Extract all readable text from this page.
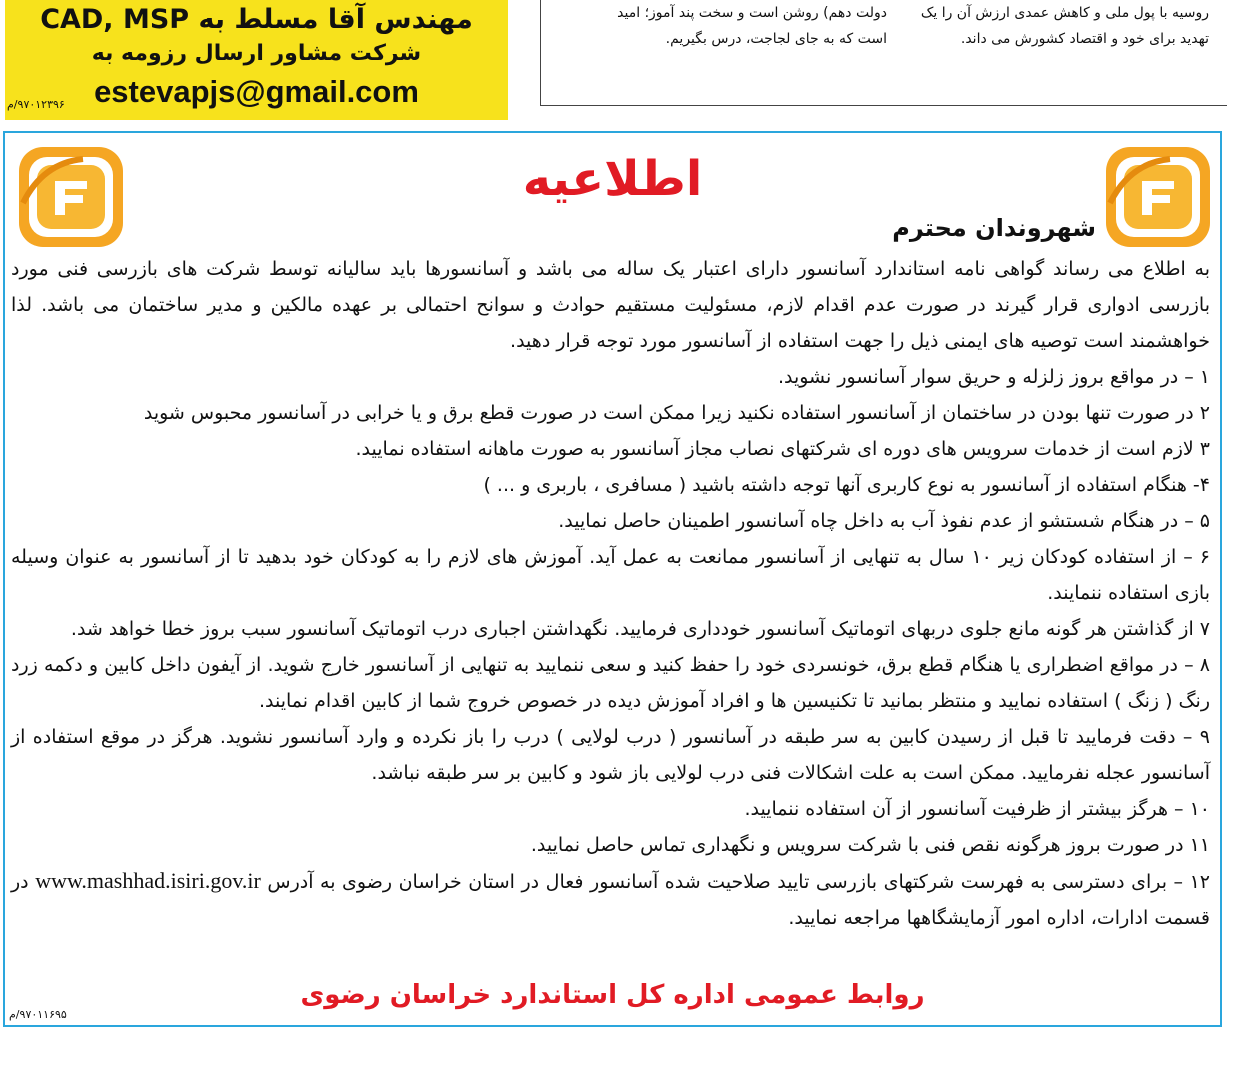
مهندس آقا مسلط به CAD, MSP
شرکت مشاور ارسال رزومه به
estevapjs@gmail.com
۹۷۰۱۲۳۹۶/م
روسیه با پول ملی و کاهش عمدی ارزش آن را یک
تهدید برای خود و اقتصاد کشورش می داند.
دولت دهم) روشن است و سخت پند آموز؛ امید
است که به جای لجاجت، درس بگیریم.
اطلاعیه
شهروندان محترم

به اطلاع می رساند گواهی نامه استاندارد آسانسور دارای اعتبار یک ساله می باشد و آسانسورها باید سالیانه توسط شرکت های بازرسی فنی مورد بازرسی ادواری قرار گیرند در صورت عدم اقدام لازم، مسئولیت مستقیم حوادث و سوانح احتمالی بر عهده مالکین و مدیر ساختمان می باشد. لذا خواهشمند است توصیه های ایمنی ذیل را جهت استفاده از آسانسور مورد توجه قرار دهید.

۱ – در مواقع بروز زلزله و حریق سوار آسانسور نشوید.

۲ در صورت تنها بودن در ساختمان از آسانسور استفاده نکنید زیرا ممکن است در صورت قطع برق و یا خرابی در آسانسور محبوس شوید

۳ لازم است از خدمات سرویس های دوره ای شرکتهای نصاب مجاز آسانسور به صورت ماهانه استفاده نمایید.

۴- هنگام استفاده از آسانسور به نوع کاربری آنها توجه داشته باشید ( مسافری ، باربری و ... )

۵ – در هنگام شستشو از عدم نفوذ آب به داخل چاه آسانسور اطمینان حاصل نمایید.

۶ – از استفاده کودکان زیر ۱۰ سال به تنهایی از آسانسور ممانعت به عمل آید. آموزش های لازم را به کودکان خود بدهید تا از آسانسور به عنوان وسیله بازی استفاده ننمایند.

۷ از گذاشتن هر گونه مانع جلوی دربهای اتوماتیک آسانسور خودداری فرمایید. نگهداشتن اجباری درب اتوماتیک آسانسور سبب بروز خطا خواهد شد.

۸ – در مواقع اضطراری یا هنگام قطع برق، خونسردی خود را حفظ کنید و سعی ننمایید به تنهایی از آسانسور خارج شوید. از آیفون داخل کابین و دکمه زرد رنگ ( زنگ ) استفاده نمایید و منتظر بمانید تا تکنیسین ها و افراد آموزش دیده در خصوص خروج شما از کابین اقدام نمایند.

۹ – دقت فرمایید تا قبل از رسیدن کابین به سر طبقه در آسانسور ( درب لولایی ) درب را باز نکرده و وارد آسانسور نشوید. هرگز در موقع استفاده از آسانسور عجله نفرمایید. ممکن است به علت اشکالات فنی درب لولایی باز شود و کابین بر سر طبقه نباشد.

۱۰ – هرگز بیشتر از ظرفیت آسانسور از آن استفاده ننمایید.

۱۱ در صورت بروز هرگونه نقص فنی با شرکت سرویس و نگهداری تماس حاصل نمایید.

۱۲ – برای دسترسی به فهرست شرکتهای بازرسی تایید صلاحیت شده آسانسور فعال در استان خراسان رضوی به آدرس www.mashhad.isiri.gov.ir در قسمت ادارات، اداره امور آزمایشگاهها مراجعه نمایید.

روابط عمومی اداره کل استاندارد خراسان رضوی
۹۷۰۱۱۶۹۵/م
